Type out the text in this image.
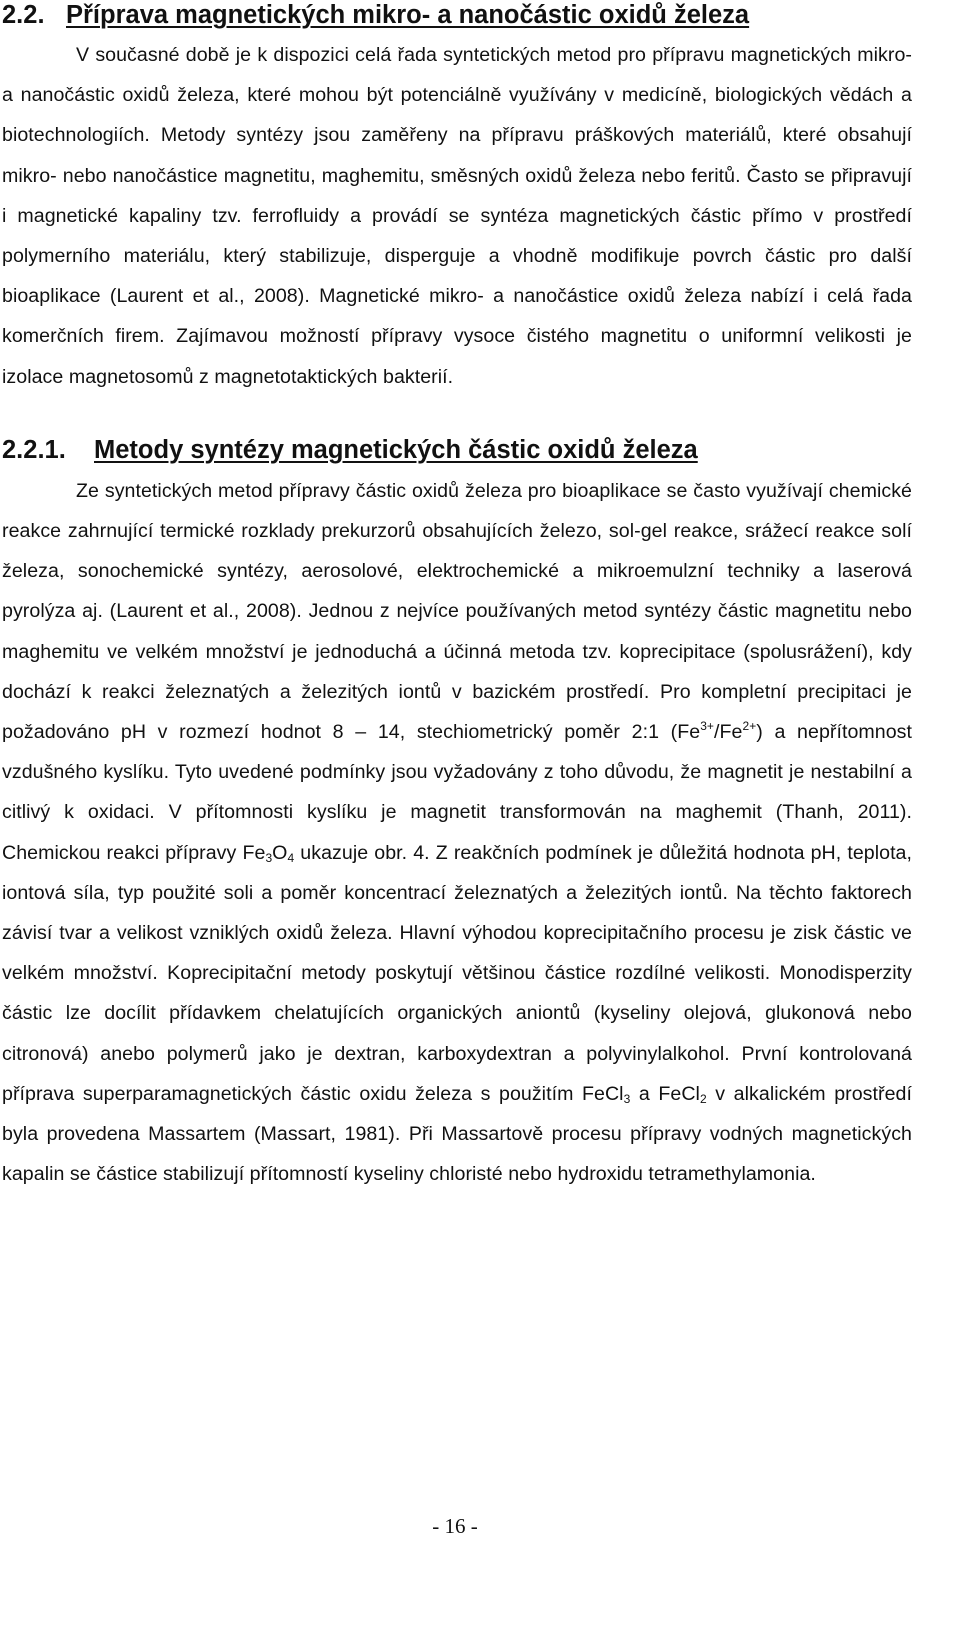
2.2. Příprava magnetických mikro- a nanočástic oxidů železa

V současné době je k dispozici celá řada syntetických metod pro přípravu magnetických mikro- a nanočástic oxidů železa, které mohou být potenciálně využívány v medicíně, biologických vědách a biotechnologiích. Metody syntézy jsou zaměřeny na přípravu práškových materiálů, které obsahují mikro- nebo nanočástice magnetitu, maghemitu, směsných oxidů železa nebo feritů. Často se připravují i magnetické kapaliny tzv. ferrofluidy a provádí se syntéza magnetických částic přímo v prostředí polymerního materiálu, který stabilizuje, disperguje a vhodně modifikuje povrch částic pro další bioaplikace (Laurent et al., 2008). Magnetické mikro- a nanočástice oxidů železa nabízí i celá řada komerčních firem. Zajímavou možností přípravy vysoce čistého magnetitu o uniformní velikosti je izolace magnetosomů z magnetotaktických bakterií.

2.2.1.	Metody syntézy magnetických částic oxidů železa

Ze syntetických metod přípravy částic oxidů železa pro bioaplikace se často využívají chemické reakce zahrnující termické rozklady prekurzorů obsahujících železo, sol-gel reakce, srážecí reakce solí železa, sonochemické syntézy, aerosolové, elektrochemické a mikroemulzní techniky a laserová pyrolýza aj. (Laurent et al., 2008). Jednou z nejvíce používaných metod syntézy částic magnetitu nebo maghemitu ve velkém množství je jednoduchá a účinná metoda tzv. koprecipitace (spolusrážení), kdy dochází k reakci železnatých a železitých iontů v bazickém prostředí. Pro kompletní precipitaci je požadováno pH v rozmezí hodnot 8 – 14, stechiometrický poměr 2:1 $(Fe^{3+}/Fe^{2+})$ a nepřítomnost vzdušného kyslíku. Tyto uvedené podmínky jsou vyžadovány z toho důvodu, že magnetit je nestabilní a citlivý k oxidaci. V přítomnosti kyslíku je magnetit transformován na maghemit (Thanh, 2011). Chemickou reakci přípravy $Fe_3O_4$ ukazuje obr. 4. Z reakčních podmínek je důležitá hodnota pH, teplota, iontová síla, typ použité soli a poměr koncentrací železnatých a železitých iontů. Na těchto faktorech závisí tvar a velikost vzniklých oxidů železa. Hlavní výhodou koprecipitačního procesu je zisk částic ve velkém množství. Koprecipitační metody poskytují většinou částice rozdílné velikosti. Monodisperzity částic lze docílit přídavkem chelatujících organických aniontů (kyseliny olejová, glukonová nebo citronová) anebo polymerů jako je dextran, karboxydextran a polyvinylalkohol. První kontrolovaná příprava superparamagnetických částic oxidu železa s použitím FeCl$_3$ a FeCl$_2$ v alkalickém prostředí byla provedena Massartem (Massart, 1981). Při Massartově procesu přípravy vodných magnetických kapalin se částice stabilizují přítomností kyseliny chloristé nebo hydroxidu tetramethylamonia.

- 16 -
